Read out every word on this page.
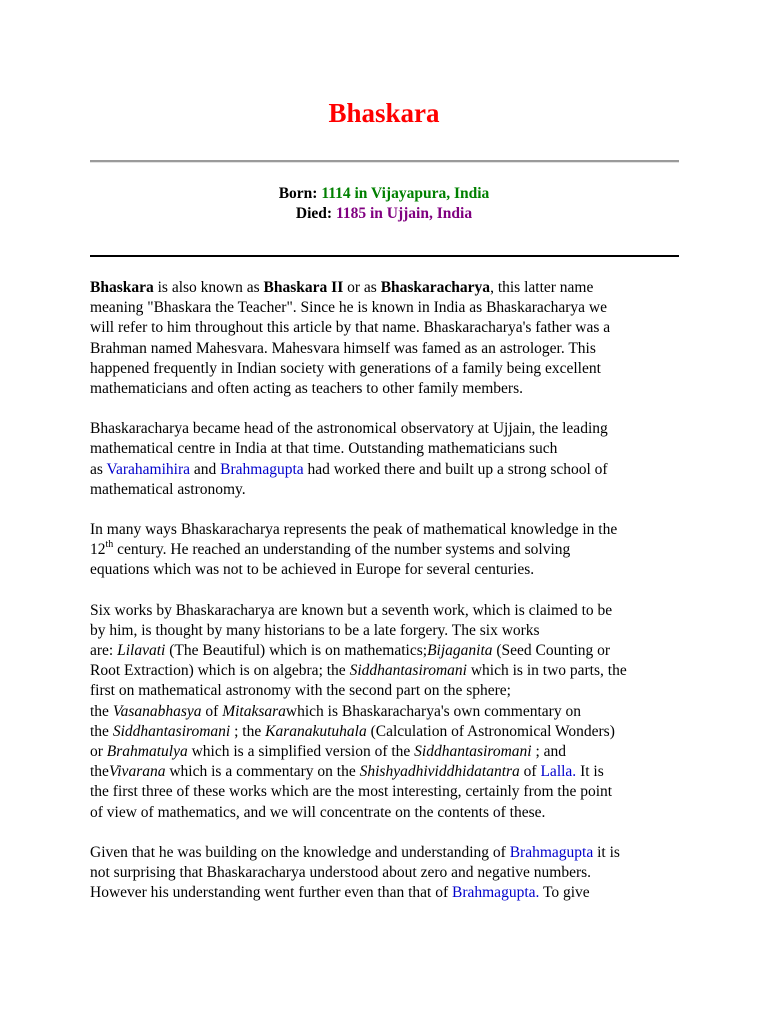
Bhaskara
Born: 1114 in Vijayapura, India
Died: 1185 in Ujjain, India

Bhaskara is also known as Bhaskara II or as Bhaskaracharya, this latter name
meaning "Bhaskara the Teacher". Since he is known in India as Bhaskaracharya we
will refer to him throughout this article by that name. Bhaskaracharya's father was a
Brahman named Mahesvara. Mahesvara himself was famed as an astrologer. This
happened frequently in Indian society with generations of a family being excellent
mathematicians and often acting as teachers to other family members.

Bhaskaracharya became head of the astronomical observatory at Ujjain, the leading
mathematical centre in India at that time. Outstanding mathematicians such
as Varahamihira and Brahmagupta had worked there and built up a strong school of
mathematical astronomy.

In many ways Bhaskaracharya represents the peak of mathematical knowledge in the
12th century. He reached an understanding of the number systems and solving
equations which was not to be achieved in Europe for several centuries.

Six works by Bhaskaracharya are known but a seventh work, which is claimed to be
by him, is thought by many historians to be a late forgery. The six works
are: Lilavati (The Beautiful) which is on mathematics;Bijaganita (Seed Counting or
Root Extraction) which is on algebra; the Siddhantasiromani which is in two parts, the
first on mathematical astronomy with the second part on the sphere;
the Vasanabhasya of Mitaksarawhich is Bhaskaracharya's own commentary on
the Siddhantasiromani ; the Karanakutuhala (Calculation of Astronomical Wonders)
or Brahmatulya which is a simplified version of the Siddhantasiromani ; and
theVivarana which is a commentary on the Shishyadhividdhidatantra of Lalla. It is
the first three of these works which are the most interesting, certainly from the point
of view of mathematics, and we will concentrate on the contents of these.

Given that he was building on the knowledge and understanding of Brahmagupta it is
not surprising that Bhaskaracharya understood about zero and negative numbers.
However his understanding went further even than that of Brahmagupta. To give
